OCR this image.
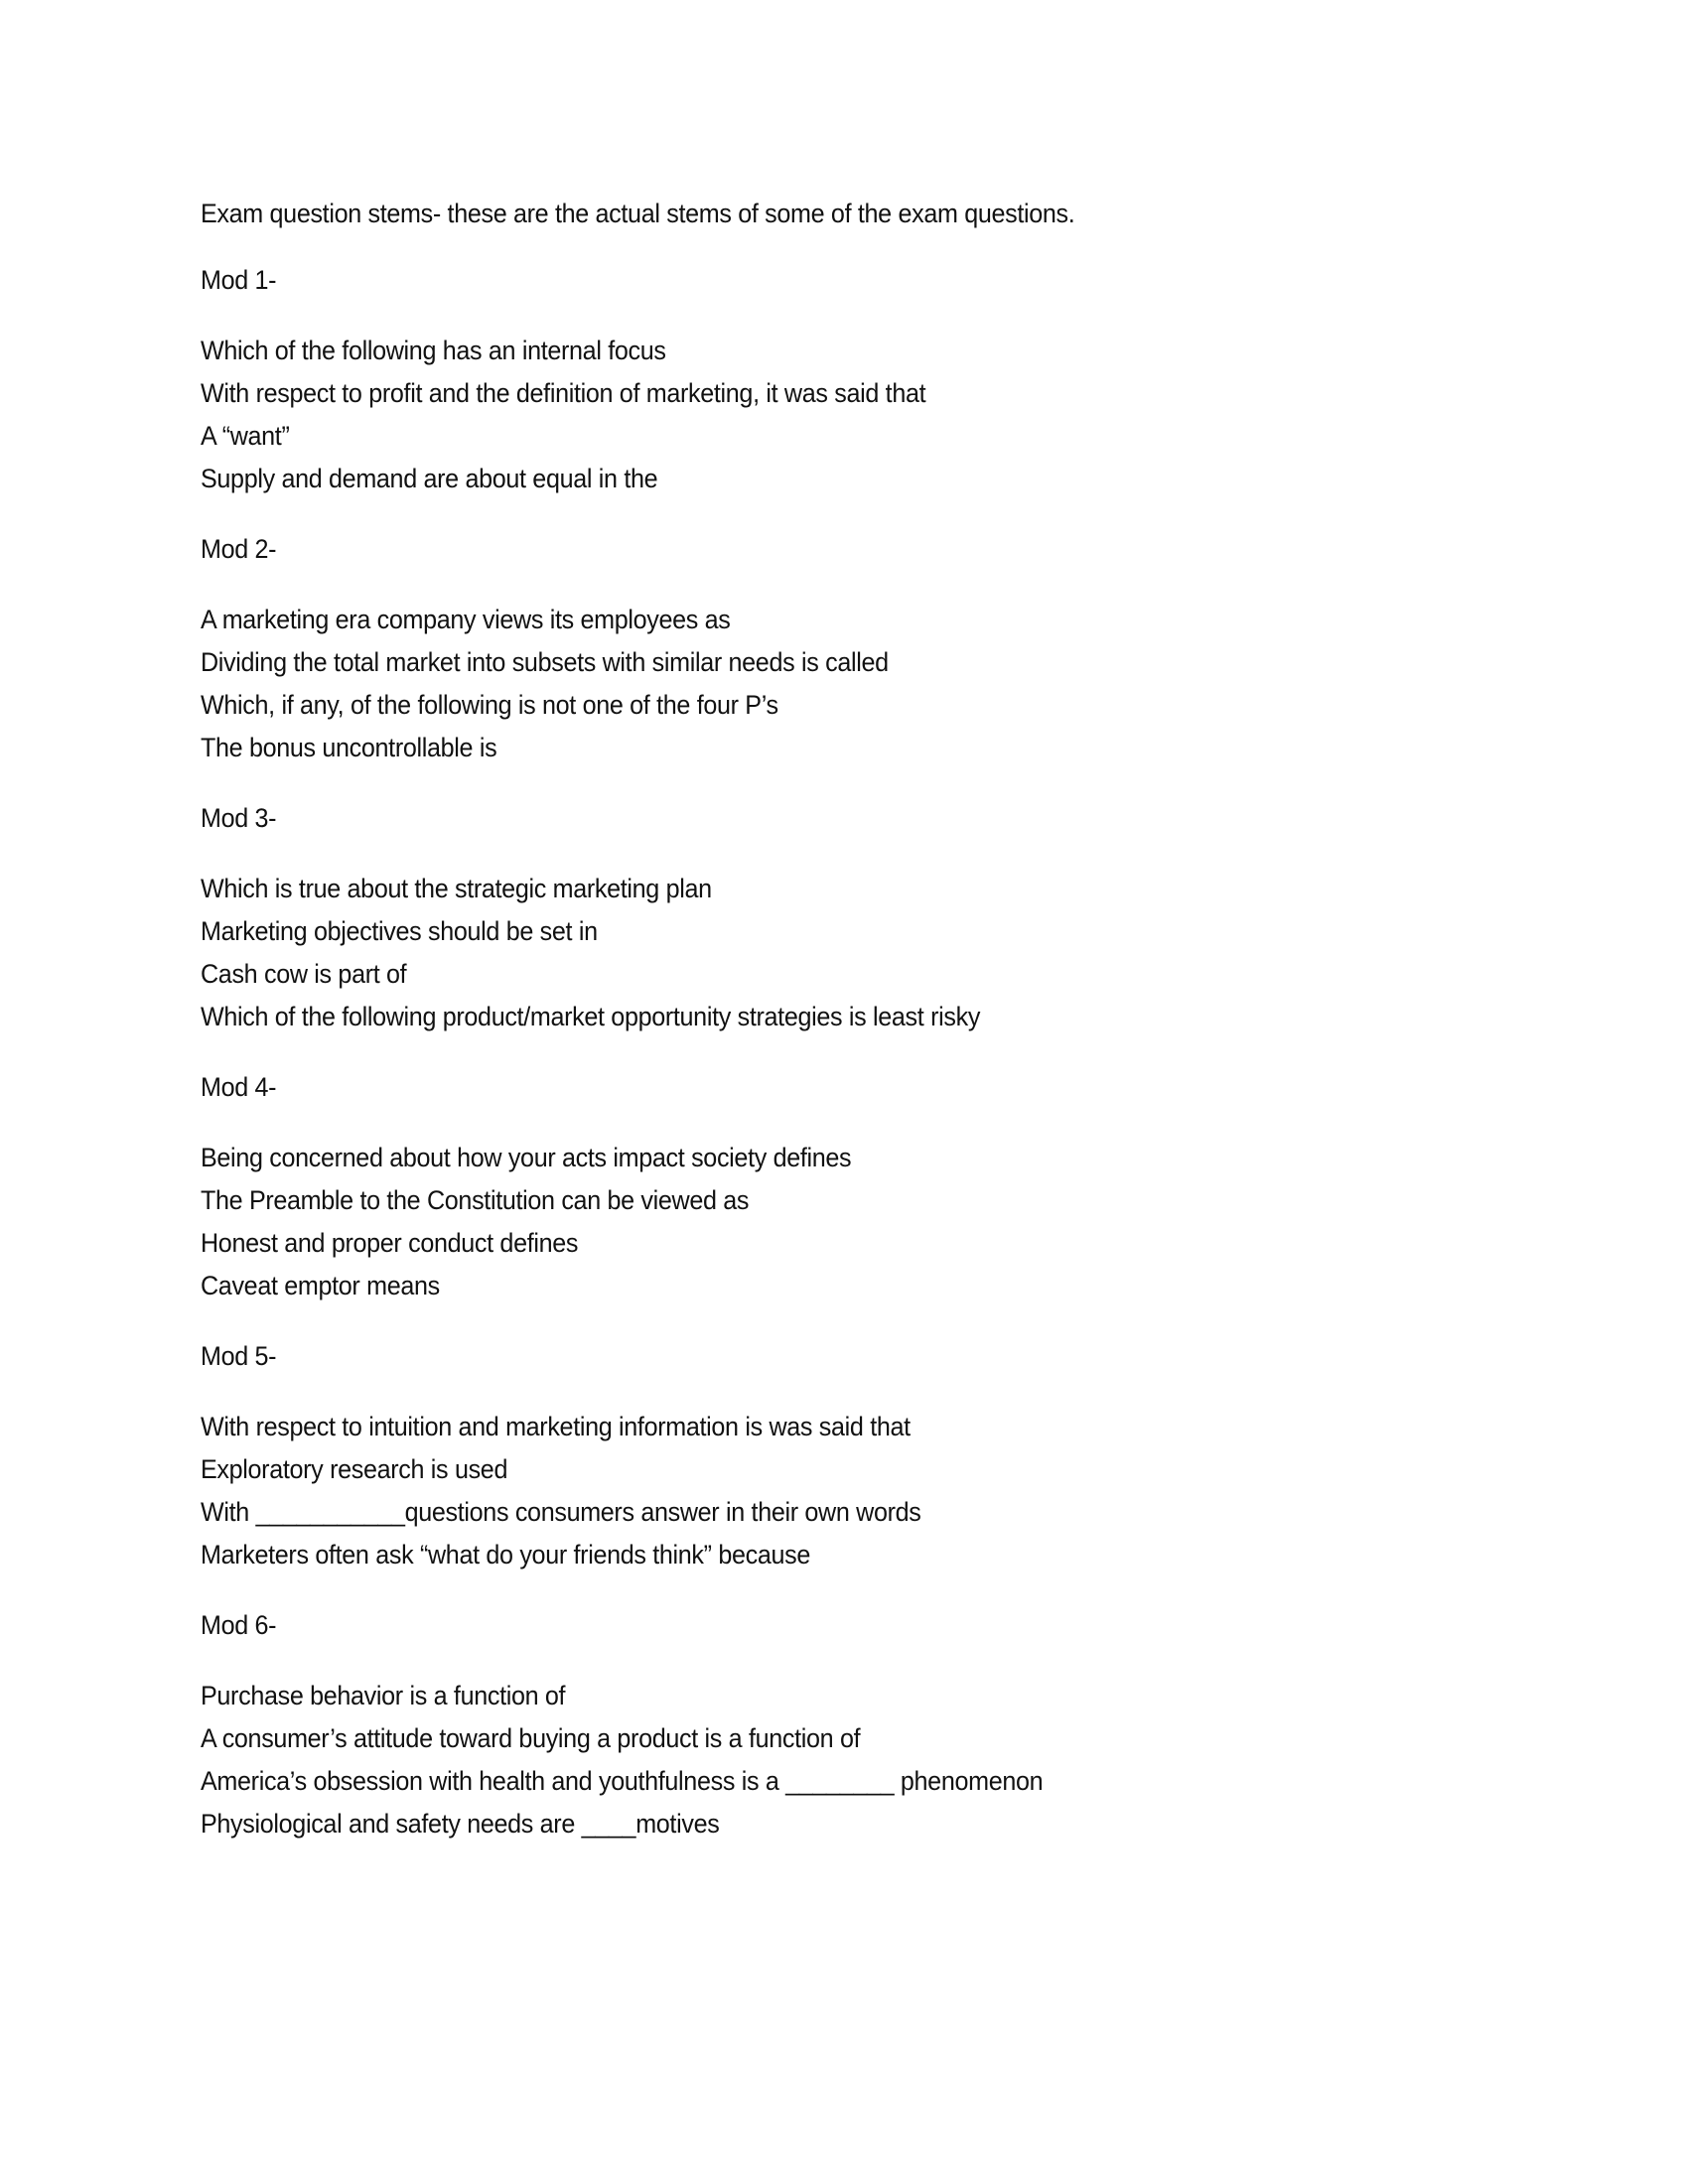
Exam question stems- these are the actual stems of some of the exam questions.
Mod 1-
Which of the following has an internal focus
With respect to profit and the definition of marketing, it was said that
A “want”
Supply and demand are about equal in the
Mod 2-
A marketing era company views its employees as
Dividing the total market into subsets with similar needs is called
Which, if any, of the following is not one of the four P’s
The bonus uncontrollable is
Mod 3-
Which is true about the strategic marketing plan
Marketing objectives should be set in
Cash cow is part of
Which of the following product/market opportunity strategies is least risky
Mod 4-
Being concerned about how your acts impact society defines
The Preamble to the Constitution can be viewed as
Honest and proper conduct defines
Caveat emptor means
Mod 5-
With respect to intuition and marketing information is was said that
Exploratory research is used
With ___________questions consumers answer in their own words
Marketers often ask “what do your friends think” because
Mod 6-
Purchase behavior is a function of
A consumer’s attitude toward buying a product is a function of
America’s obsession with health and youthfulness is a ________ phenomenon
Physiological and safety needs are ____motives
